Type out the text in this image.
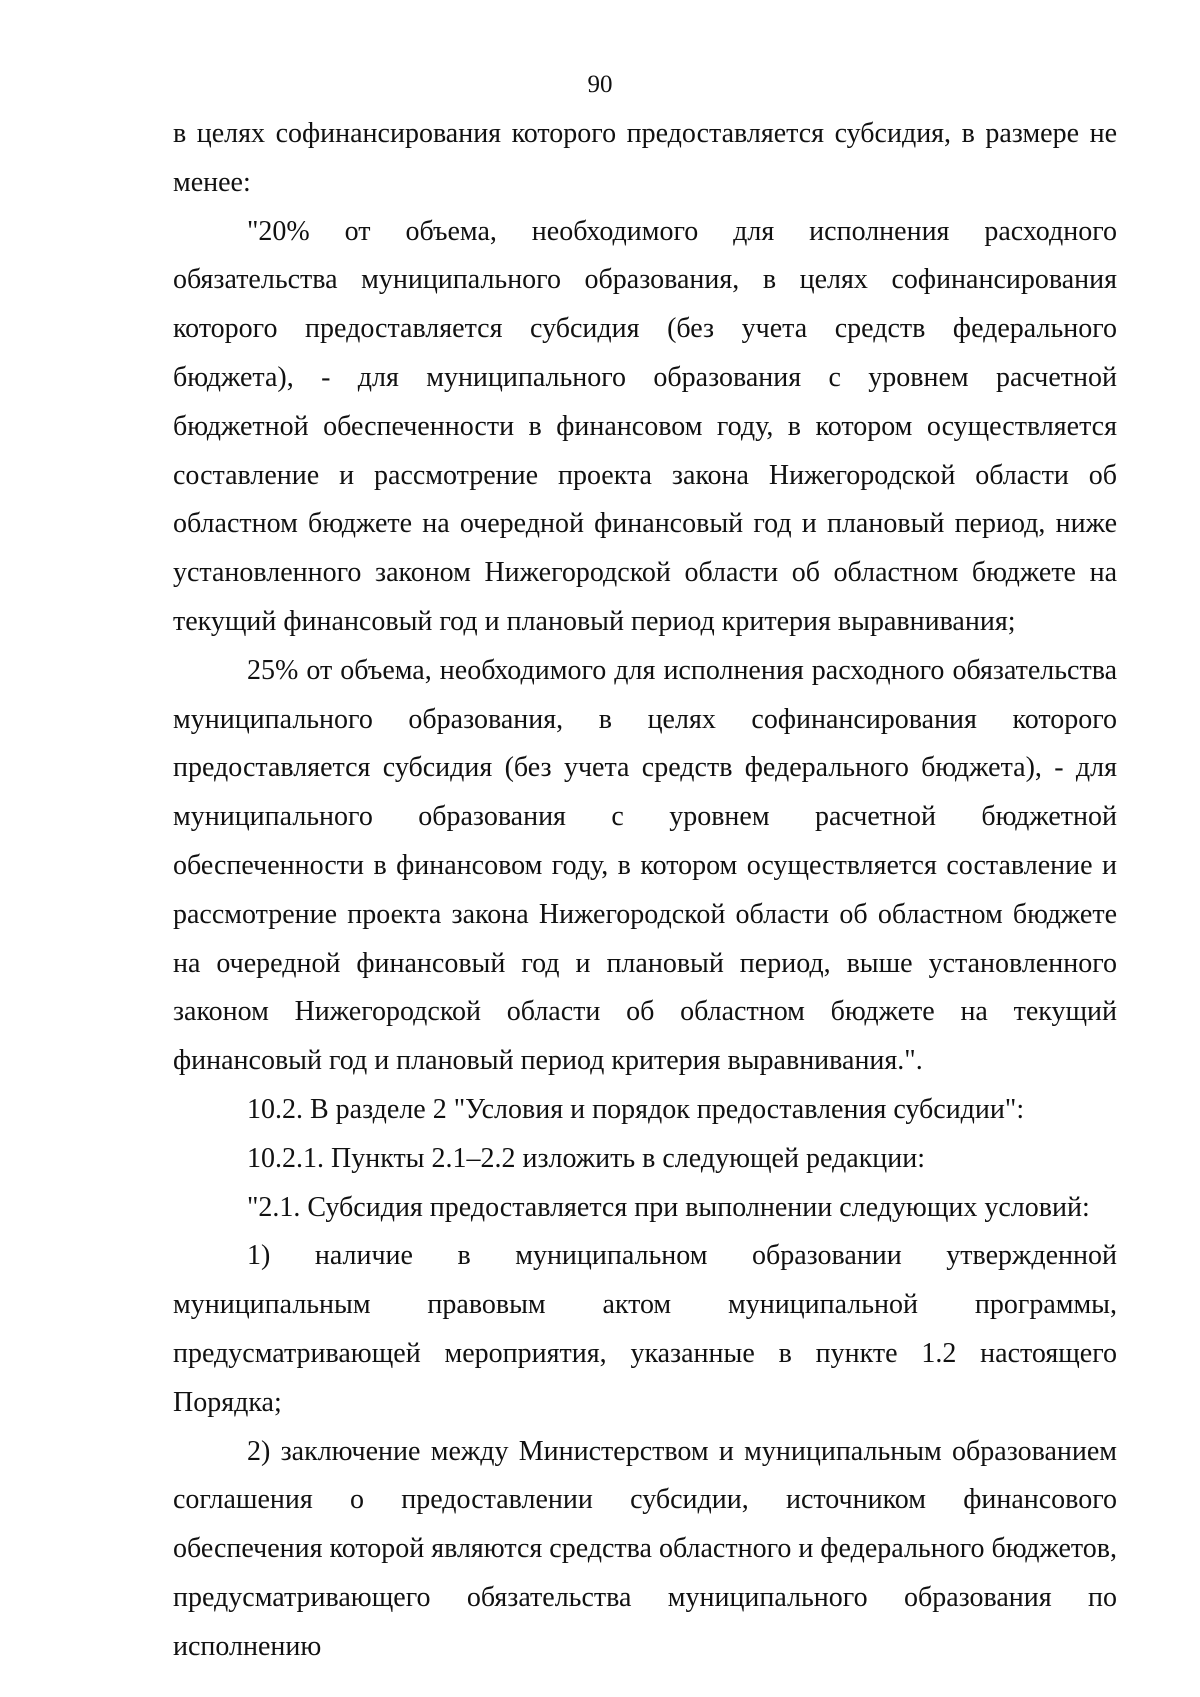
90

в целях софинансирования которого предоставляется субсидия, в размере не менее:

"20% от объема, необходимого для исполнения расходного обязательства муниципального образования, в целях софинансирования которого предоставляется субсидия (без учета средств федерального бюджета), - для муниципального образования с уровнем расчетной бюджетной обеспеченности в финансовом году, в котором осуществляется составление и рассмотрение проекта закона Нижегородской области об областном бюджете на очередной финансовый год и плановый период, ниже установленного законом Нижегородской области об областном бюджете на текущий финансовый год и плановый период критерия выравнивания;

25% от объема, необходимого для исполнения расходного обязательства муниципального образования, в целях софинансирования которого предоставляется субсидия (без учета средств федерального бюджета), - для муниципального образования с уровнем расчетной бюджетной обеспеченности в финансовом году, в котором осуществляется составление и рассмотрение проекта закона Нижегородской области об областном бюджете на очередной финансовый год и плановый период, выше установленного законом Нижегородской области об областном бюджете на текущий финансовый год и плановый период критерия выравнивания.".

10.2. В разделе 2 "Условия и порядок предоставления субсидии":

10.2.1. Пункты 2.1–2.2 изложить в следующей редакции:

"2.1. Субсидия предоставляется при выполнении следующих условий:

1) наличие в муниципальном образовании утвержденной муниципальным правовым актом муниципальной программы, предусматривающей мероприятия, указанные в пункте 1.2 настоящего Порядка;

2) заключение между Министерством и муниципальным образованием соглашения о предоставлении субсидии, источником финансового обеспечения которой являются средства областного и федерального бюджетов, предусматривающего обязательства муниципального образования по исполнению
